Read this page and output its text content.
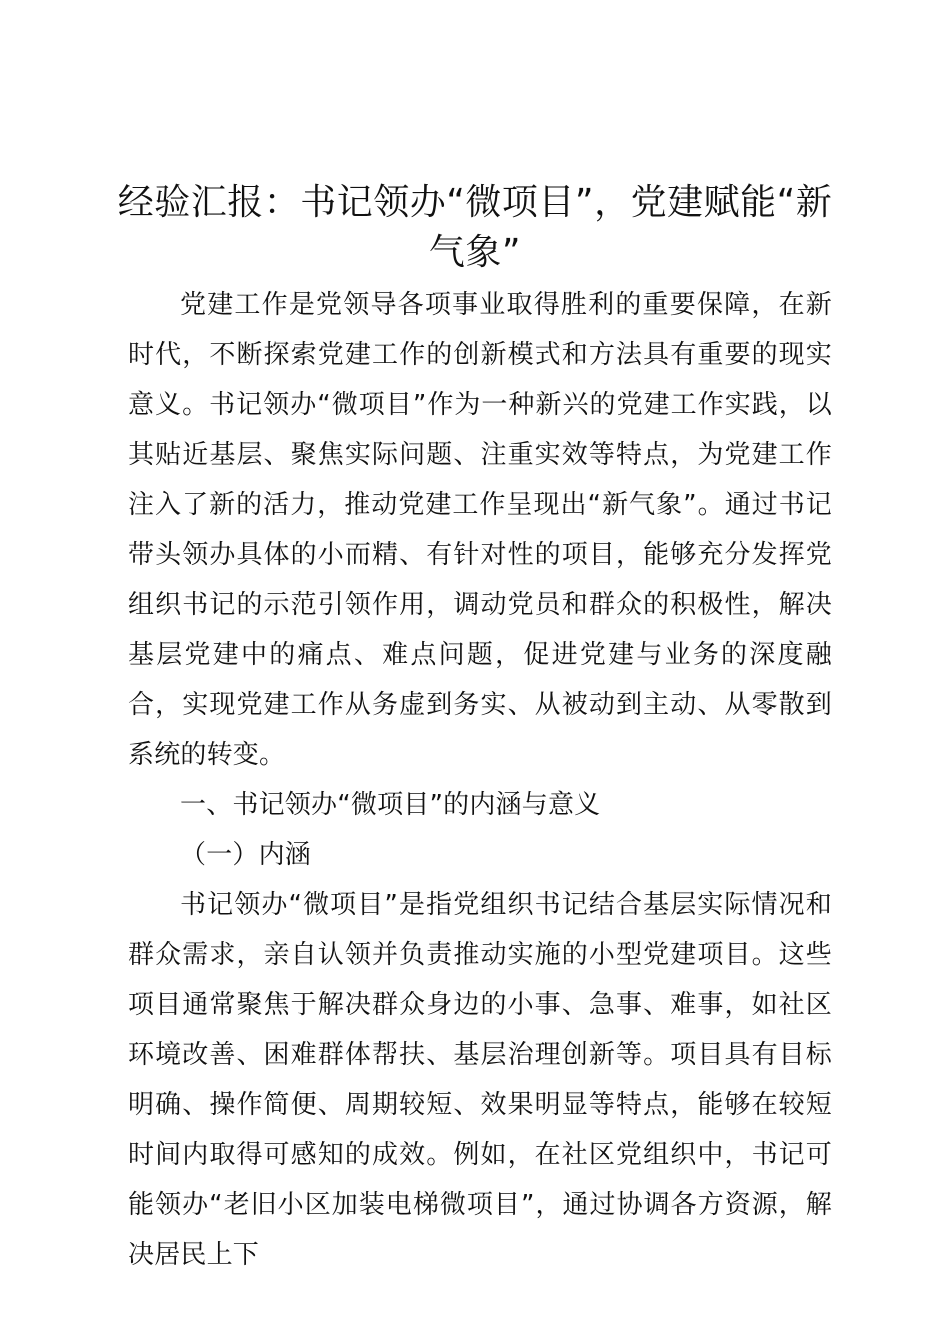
经验汇报：书记领办“微项目”，党建赋能“新气象”

党建工作是党领导各项事业取得胜利的重要保障，在新时代，不断探索党建工作的创新模式和方法具有重要的现实意义。书记领办“微项目”作为一种新兴的党建工作实践，以其贴近基层、聚焦实际问题、注重实效等特点，为党建工作注入了新的活力，推动党建工作呈现出“新气象”。通过书记带头领办具体的小而精、有针对性的项目，能够充分发挥党组织书记的示范引领作用，调动党员和群众的积极性，解决基层党建中的痛点、难点问题，促进党建与业务的深度融合，实现党建工作从务虚到务实、从被动到主动、从零散到系统的转变。

一、书记领办“微项目”的内涵与意义

（一）内涵

书记领办“微项目”是指党组织书记结合基层实际情况和群众需求，亲自认领并负责推动实施的小型党建项目。这些项目通常聚焦于解决群众身边的小事、急事、难事，如社区环境改善、困难群体帮扶、基层治理创新等。项目具有目标明确、操作简便、周期较短、效果明显等特点，能够在较短时间内取得可感知的成效。例如，在社区党组织中，书记可能领办“老旧小区加装电梯微项目”，通过协调各方资源，解决居民上下
